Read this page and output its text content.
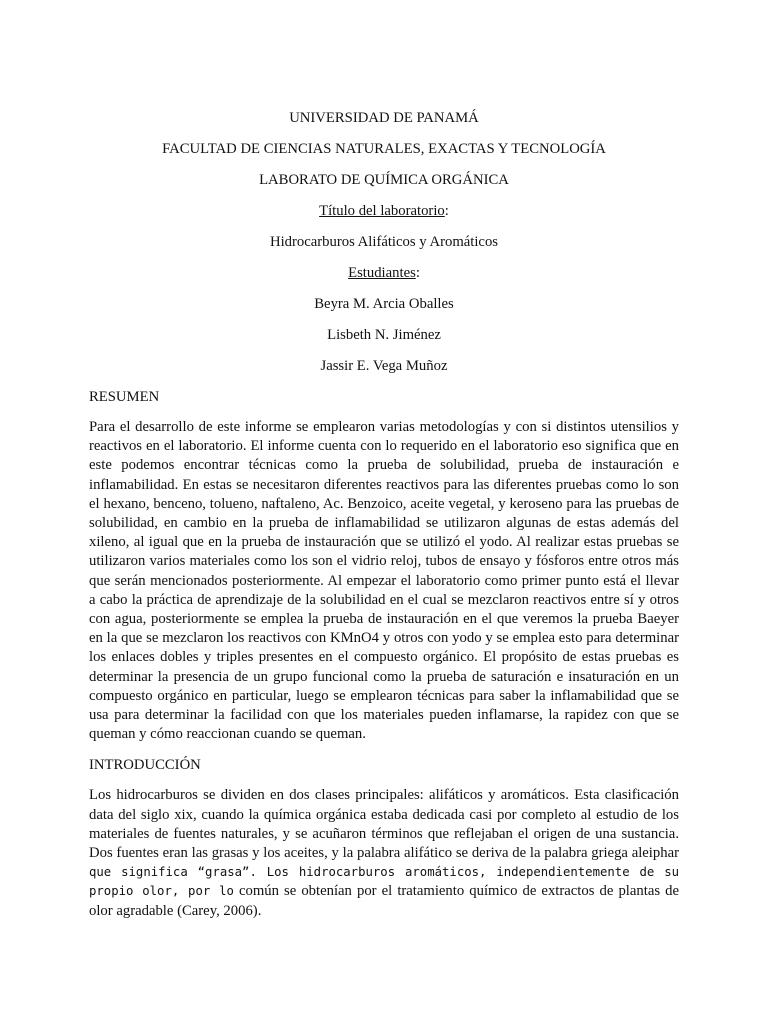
UNIVERSIDAD DE PANAMÁ

FACULTAD DE CIENCIAS NATURALES, EXACTAS Y TECNOLOGÍA

LABORATO DE QUÍMICA ORGÁNICA

Título del laboratorio:

Hidrocarburos Alifáticos y Aromáticos

Estudiantes:

Beyra M. Arcia Oballes

Lisbeth N. Jiménez

Jassir E. Vega Muñoz

RESUMEN

Para el desarrollo de este informe se emplearon varias metodologías y con si distintos utensilios y reactivos en el laboratorio. El informe cuenta con lo requerido en el laboratorio eso significa que en este podemos encontrar técnicas como la prueba de solubilidad, prueba de instauración e inflamabilidad. En estas se necesitaron diferentes reactivos para las diferentes pruebas como lo son el hexano, benceno, tolueno, naftaleno, Ac. Benzoico, aceite vegetal, y keroseno para las pruebas de solubilidad, en cambio en la prueba de inflamabilidad se utilizaron algunas de estas además del xileno, al igual que en la prueba de instauración que se utilizó el yodo. Al realizar estas pruebas se utilizaron varios materiales como los son el vidrio reloj, tubos de ensayo y fósforos entre otros más que serán mencionados posteriormente. Al empezar el laboratorio como primer punto está el llevar a cabo la práctica de aprendizaje de la solubilidad en el cual se mezclaron reactivos entre sí y otros con agua, posteriormente se emplea la prueba de instauración en el que veremos la prueba Baeyer en la que se mezclaron los reactivos con KMnO4 y otros con yodo y se emplea esto para determinar los enlaces dobles y triples presentes en el compuesto orgánico. El propósito de estas pruebas es determinar la presencia de un grupo funcional como la prueba de saturación e insaturación en un compuesto orgánico en particular, luego se emplearon técnicas para saber la inflamabilidad que se usa para determinar la facilidad con que los materiales pueden inflamarse, la rapidez con que se queman y cómo reaccionan cuando se queman.

INTRODUCCIÓN

Los hidrocarburos se dividen en dos clases principales: alifáticos y aromáticos. Esta clasificación data del siglo xix, cuando la química orgánica estaba dedicada casi por completo al estudio de los materiales de fuentes naturales, y se acuñaron términos que reflejaban el origen de una sustancia. Dos fuentes eran las grasas y los aceites, y la palabra alifático se deriva de la palabra griega aleiphar que significa “grasa”. Los hidrocarburos aromáticos, independientemente de su propio olor, por lo común se obtenían por el tratamiento químico de extractos de plantas de olor agradable (Carey, 2006).
